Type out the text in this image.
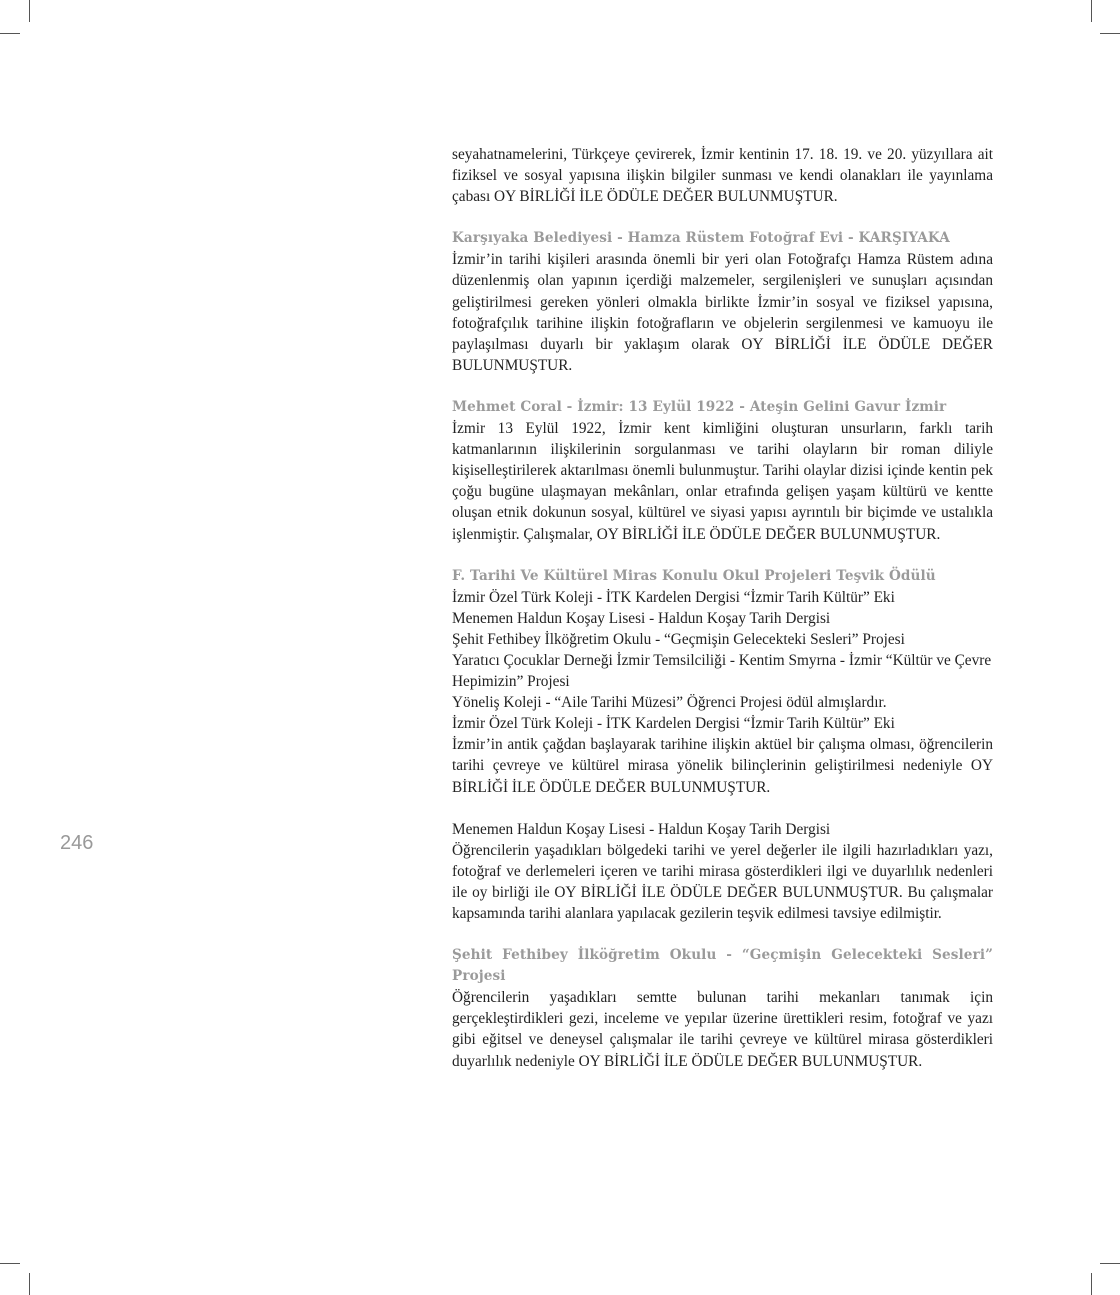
246

seyahatnamelerini, Türkçeye çevirerek, İzmir kentinin 17. 18. 19. ve 20. yüzyıllara ait fiziksel ve sosyal yapısına ilişkin bilgiler sunması ve kendi olanakları ile yayınlama çabası OY BİRLİĞİ İLE ÖDÜLE DEĞER BULUNMUŞTUR.

Karşıyaka Belediyesi - Hamza Rüstem Fotoğraf Evi - KARŞIYAKA

İzmir’in tarihi kişileri arasında önemli bir yeri olan Fotoğrafçı Hamza Rüstem adına düzenlenmiş olan yapının içerdiği malzemeler, sergilenişleri ve sunuşları açısından geliştirilmesi gereken yönleri olmakla birlikte İzmir’in sosyal ve fiziksel yapısına, fotoğrafçılık tarihine ilişkin fotoğrafların ve objelerin sergilenmesi ve kamuoyu ile paylaşılması duyarlı bir yaklaşım olarak OY BİRLİĞİ İLE ÖDÜLE DEĞER BULUNMUŞTUR.

Mehmet Coral - İzmir: 13 Eylül 1922 - Ateşin Gelini Gavur İzmir

İzmir 13 Eylül 1922, İzmir kent kimliğini oluşturan unsurların, farklı tarih katmanlarının ilişkilerinin sorgulanması ve tarihi olayların bir roman diliyle kişiselleştirilerek aktarılması önemli bulunmuştur. Tarihi olaylar dizisi içinde kentin pek çoğu bugüne ulaşmayan mekânları, onlar etrafında gelişen yaşam kültürü ve kentte oluşan etnik dokunun sosyal, kültürel ve siyasi yapısı ayrıntılı bir biçimde ve ustalıkla işlenmiştir. Çalışmalar, OY BİRLİĞİ İLE ÖDÜLE DEĞER BULUNMUŞTUR.

F. Tarihi Ve Kültürel Miras Konulu Okul Projeleri Teşvik Ödülü

İzmir Özel Türk Koleji - İTK Kardelen Dergisi “İzmir Tarih Kültür” Eki
Menemen Haldun Koşay Lisesi - Haldun Koşay Tarih Dergisi
Şehit Fethibey İlköğretim Okulu - “Geçmişin Gelecekteki Sesleri” Projesi
Yaratıcı Çocuklar Derneği İzmir Temsilciliği - Kentim Smyrna - İzmir “Kültür ve Çevre Hepimizin” Projesi
Yöneliş Koleji - “Aile Tarihi Müzesi” Öğrenci Projesi ödül almışlardır.
İzmir Özel Türk Koleji - İTK Kardelen Dergisi “İzmir Tarih Kültür” Eki

İzmir’in antik çağdan başlayarak tarihine ilişkin aktüel bir çalışma olması, öğrencilerin tarihi çevreye ve kültürel mirasa yönelik bilinçlerinin geliştirilmesi nedeniyle OY BİRLİĞİ İLE ÖDÜLE DEĞER BULUNMUŞTUR.

Menemen Haldun Koşay Lisesi - Haldun Koşay Tarih Dergisi

Öğrencilerin yaşadıkları bölgedeki tarihi ve yerel değerler ile ilgili hazırladıkları yazı, fotoğraf ve derlemeleri içeren ve tarihi mirasa gösterdikleri ilgi ve duyarlılık nedenleri ile oy birliği ile OY BİRLİĞİ İLE ÖDÜLE DEĞER BULUNMUŞTUR. Bu çalışmalar kapsamında tarihi alanlara yapılacak gezilerin teşvik edilmesi tavsiye edilmiştir.

Şehit Fethibey İlköğretim Okulu - “Geçmişin Gelecekteki Sesleri” Projesi

Öğrencilerin yaşadıkları semtte bulunan tarihi mekanları tanımak için gerçekleştirdikleri gezi, inceleme ve yepılar üzerine ürettikleri resim, fotoğraf ve yazı gibi eğitsel ve deneysel çalışmalar ile tarihi çevreye ve kültürel mirasa gösterdikleri duyarlılık nedeniyle OY BİRLİĞİ İLE ÖDÜLE DEĞER BULUNMUŞTUR.
